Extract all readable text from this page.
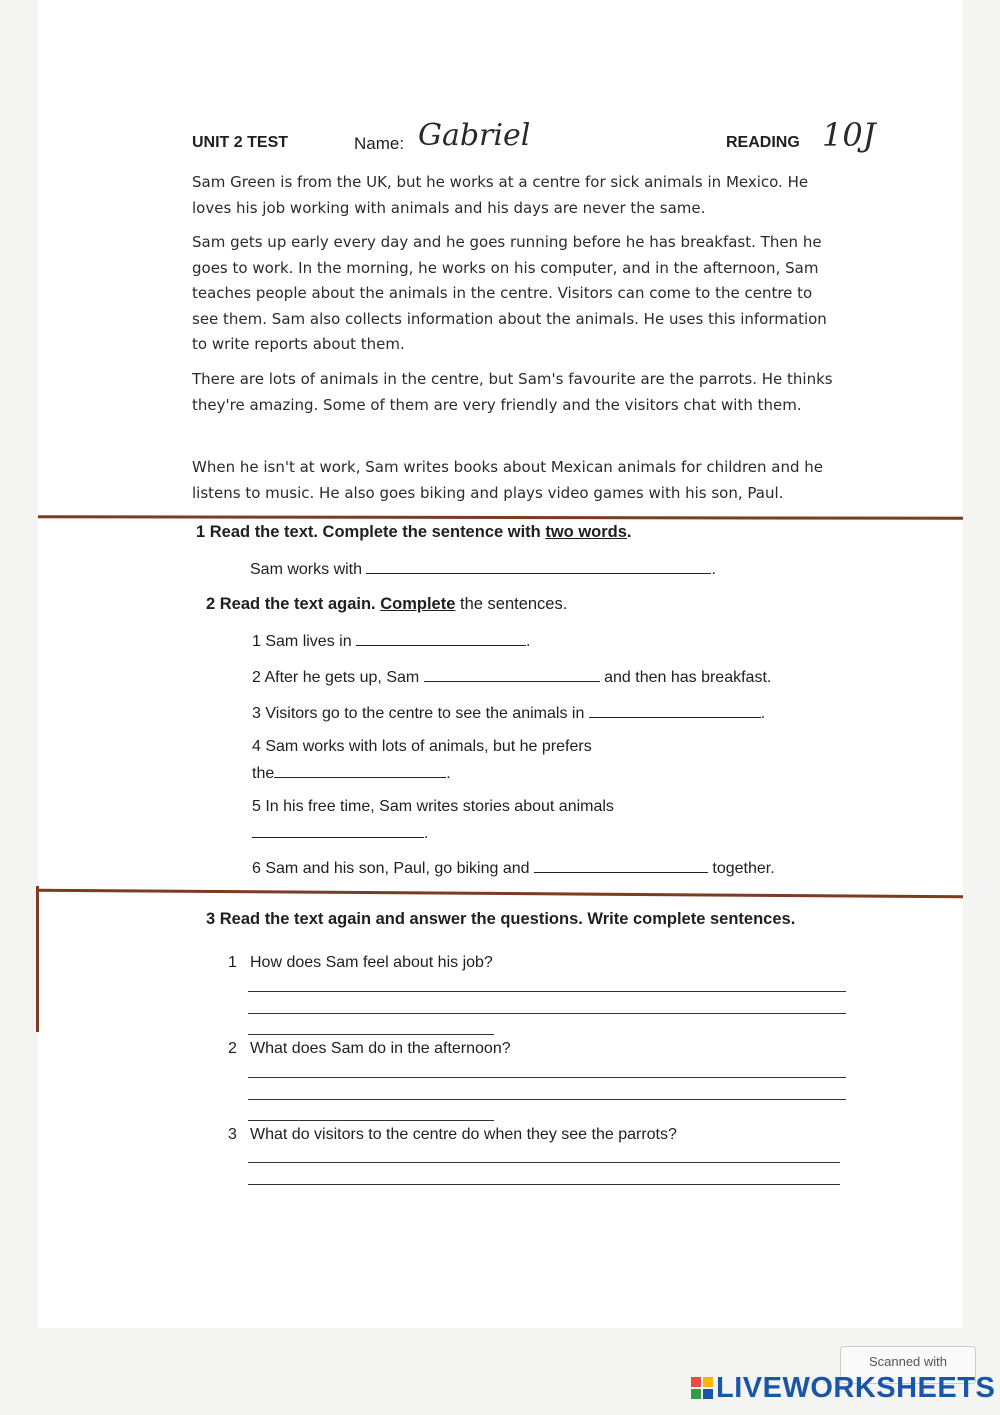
UNIT 2 TEST	Name: Gabriel	READING 10J
Sam Green is from the UK, but he works at a centre for sick animals in Mexico. He loves his job working with animals and his days are never the same.
Sam gets up early every day and he goes running before he has breakfast. Then he goes to work. In the morning, he works on his computer, and in the afternoon, Sam teaches people about the animals in the centre. Visitors can come to the centre to see them. Sam also collects information about the animals. He uses this information to write reports about them.
There are lots of animals in the centre, but Sam's favourite are the parrots. He thinks they're amazing. Some of them are very friendly and the visitors chat with them.
When he isn't at work, Sam writes books about Mexican animals for children and he listens to music. He also goes biking and plays video games with his son, Paul.
1 Read the text. Complete the sentence with two words.
Sam works with	.
2 Read the text again. Complete the sentences.
1 Sam lives in	.
2 After he gets up, Sam	and then has breakfast.
3 Visitors go to the centre to see the animals in	.
4 Sam works with lots of animals, but he prefers
the	.
5 In his free time, Sam writes stories about animals
.
6 Sam and his son, Paul, go biking and	together.
3 Read the text again and answer the questions. Write complete sentences.
1 How does Sam feel about his job?
2 What does Sam do in the afternoon?
3 What do visitors to the centre do when they see the parrots?
Scanned with
LIVEWORKSHEETS
